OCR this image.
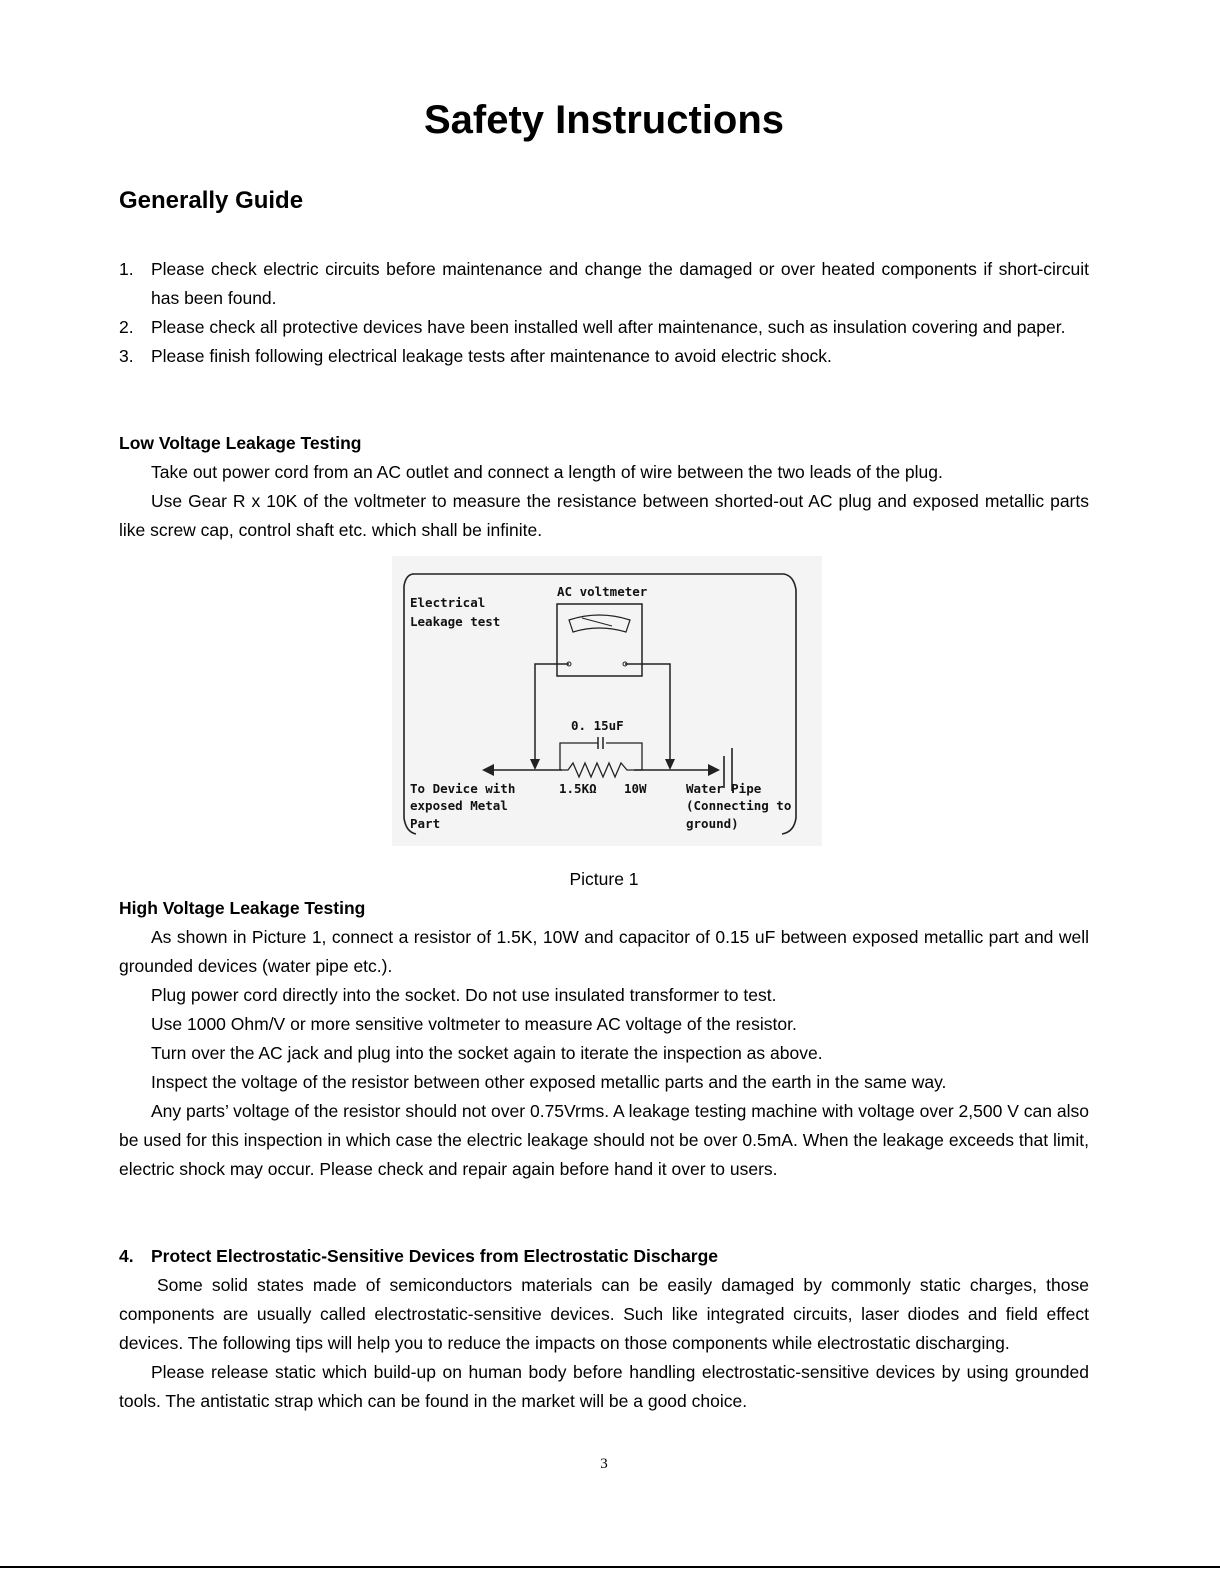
Safety Instructions
Generally Guide
1. Please check electric circuits before maintenance and change the damaged or over heated components if short-circuit has been found.
2. Please check all protective devices have been installed well after maintenance, such as insulation covering and paper.
3. Please finish following electrical leakage tests after maintenance to avoid electric shock.

Low Voltage Leakage Testing

Take out power cord from an AC outlet and connect a length of wire between the two leads of the plug.

Use Gear R x 10K of the voltmeter to measure the resistance between shorted-out AC plug and exposed metallic parts like screw cap, control shaft etc. which shall be infinite.

Electrical
Leakage test
AC voltmeter
0. 15uF
1.5KΩ 10W
To Device with
exposed Metal
Part
Water Pipe
(Connecting to
ground)
Picture 1

High Voltage Leakage Testing

As shown in Picture 1, connect a resistor of 1.5K, 10W and capacitor of 0.15 uF between exposed metallic part and well grounded devices (water pipe etc.).

Plug power cord directly into the socket. Do not use insulated transformer to test.

Use 1000 Ohm/V or more sensitive voltmeter to measure AC voltage of the resistor.

Turn over the AC jack and plug into the socket again to iterate the inspection as above.

Inspect the voltage of the resistor between other exposed metallic parts and the earth in the same way.

Any parts’ voltage of the resistor should not over 0.75Vrms. A leakage testing machine with voltage over 2,500 V can also be used for this inspection in which case the electric leakage should not be over 0.5mA. When the leakage exceeds that limit, electric shock may occur. Please check and repair again before hand it over to users.

4. Protect Electrostatic-Sensitive Devices from Electrostatic Discharge

Some solid states made of semiconductors materials can be easily damaged by commonly static charges, those components are usually called electrostatic-sensitive devices. Such like integrated circuits, laser diodes and field effect devices. The following tips will help you to reduce the impacts on those components while electrostatic discharging.

Please release static which build-up on human body before handling electrostatic-sensitive devices by using grounded tools. The antistatic strap which can be found in the market will be a good choice.

3
